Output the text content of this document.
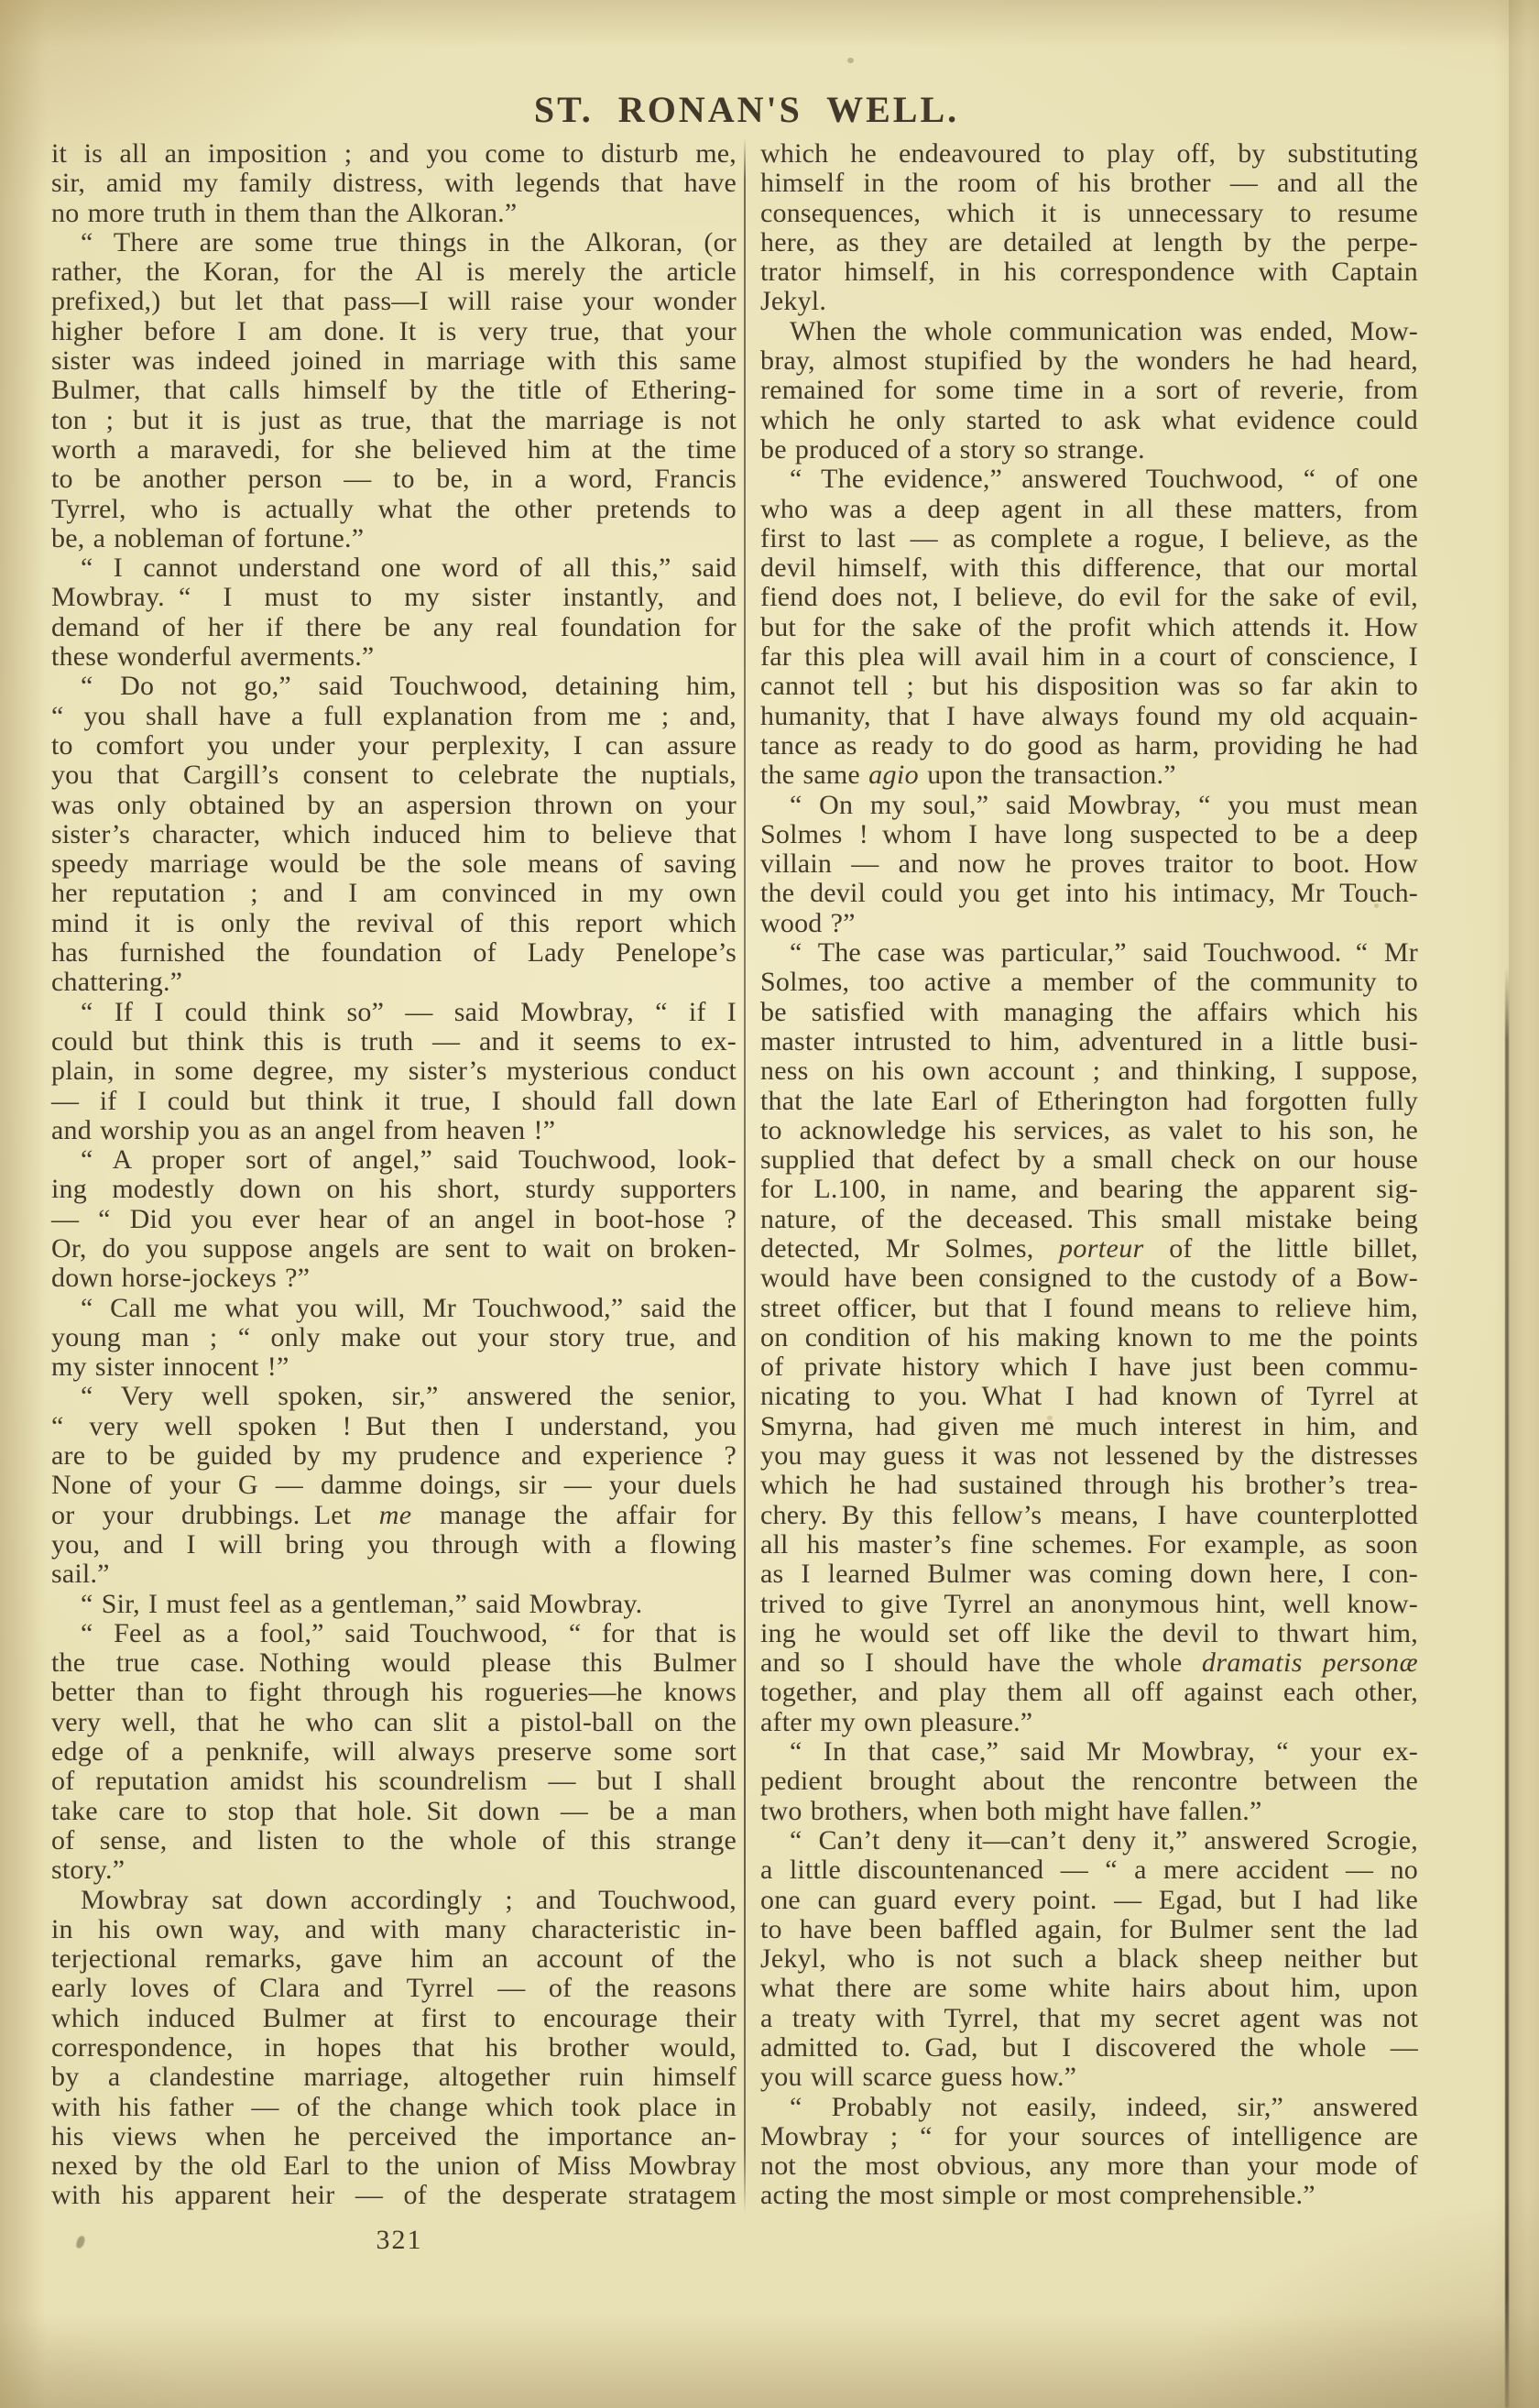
ST. RONAN'S WELL.
it is all an imposition ; and you come to disturb me,
sir, amid my family distress, with legends that have
no more truth in them than the Alkoran.”
“ There are some true things in the Alkoran, (or
rather, the Koran, for the Al is merely the article
prefixed,) but let that pass—I will raise your wonder
higher before I am done. It is very true, that your
sister was indeed joined in marriage with this same
Bulmer, that calls himself by the title of Ethering-
ton ; but it is just as true, that the marriage is not
worth a maravedi, for she believed him at the time
to be another person — to be, in a word, Francis
Tyrrel, who is actually what the other pretends to
be, a nobleman of fortune.”
“ I cannot understand one word of all this,” said
Mowbray. “ I must to my sister instantly, and
demand of her if there be any real foundation for
these wonderful averments.”
“ Do not go,” said Touchwood, detaining him,
“ you shall have a full explanation from me ; and,
to comfort you under your perplexity, I can assure
you that Cargill’s consent to celebrate the nuptials,
was only obtained by an aspersion thrown on your
sister’s character, which induced him to believe that
speedy marriage would be the sole means of saving
her reputation ; and I am convinced in my own
mind it is only the revival of this report which
has furnished the foundation of Lady Penelope’s
chattering.”
“ If I could think so” — said Mowbray, “ if I
could but think this is truth — and it seems to ex-
plain, in some degree, my sister’s mysterious conduct
— if I could but think it true, I should fall down
and worship you as an angel from heaven !”
“ A proper sort of angel,” said Touchwood, look-
ing modestly down on his short, sturdy supporters
— “ Did you ever hear of an angel in boot-hose ?
Or, do you suppose angels are sent to wait on broken-
down horse-jockeys ?”
“ Call me what you will, Mr Touchwood,” said the
young man ; “ only make out your story true, and
my sister innocent !”
“ Very well spoken, sir,” answered the senior,
“ very well spoken ! But then I understand, you
are to be guided by my prudence and experience ?
None of your G — damme doings, sir — your duels
or your drubbings. Let me manage the affair for
you, and I will bring you through with a flowing
sail.”
“ Sir, I must feel as a gentleman,” said Mowbray.
“ Feel as a fool,” said Touchwood, “ for that is
the true case. Nothing would please this Bulmer
better than to fight through his rogueries—he knows
very well, that he who can slit a pistol-ball on the
edge of a penknife, will always preserve some sort
of reputation amidst his scoundrelism — but I shall
take care to stop that hole. Sit down — be a man
of sense, and listen to the whole of this strange
story.”
Mowbray sat down accordingly ; and Touchwood,
in his own way, and with many characteristic in-
terjectional remarks, gave him an account of the
early loves of Clara and Tyrrel — of the reasons
which induced Bulmer at first to encourage their
correspondence, in hopes that his brother would,
by a clandestine marriage, altogether ruin himself
with his father — of the change which took place in
his views when he perceived the importance an-
nexed by the old Earl to the union of Miss Mowbray
with his apparent heir — of the desperate stratagem
which he endeavoured to play off, by substituting
himself in the room of his brother — and all the
consequences, which it is unnecessary to resume
here, as they are detailed at length by the perpe-
trator himself, in his correspondence with Captain
Jekyl.
When the whole communication was ended, Mow-
bray, almost stupified by the wonders he had heard,
remained for some time in a sort of reverie, from
which he only started to ask what evidence could
be produced of a story so strange.
“ The evidence,” answered Touchwood, “ of one
who was a deep agent in all these matters, from
first to last — as complete a rogue, I believe, as the
devil himself, with this difference, that our mortal
fiend does not, I believe, do evil for the sake of evil,
but for the sake of the profit which attends it. How
far this plea will avail him in a court of conscience, I
cannot tell ; but his disposition was so far akin to
humanity, that I have always found my old acquain-
tance as ready to do good as harm, providing he had
the same agio upon the transaction.”
“ On my soul,” said Mowbray, “ you must mean
Solmes ! whom I have long suspected to be a deep
villain — and now he proves traitor to boot. How
the devil could you get into his intimacy, Mr Touch-
wood ?”
“ The case was particular,” said Touchwood. “ Mr
Solmes, too active a member of the community to
be satisfied with managing the affairs which his
master intrusted to him, adventured in a little busi-
ness on his own account ; and thinking, I suppose,
that the late Earl of Etherington had forgotten fully
to acknowledge his services, as valet to his son, he
supplied that defect by a small check on our house
for L.100, in name, and bearing the apparent sig-
nature, of the deceased. This small mistake being
detected, Mr Solmes, porteur of the little billet,
would have been consigned to the custody of a Bow-
street officer, but that I found means to relieve him,
on condition of his making known to me the points
of private history which I have just been commu-
nicating to you. What I had known of Tyrrel at
Smyrna, had given me much interest in him, and
you may guess it was not lessened by the distresses
which he had sustained through his brother’s trea-
chery. By this fellow’s means, I have counterplotted
all his master’s fine schemes. For example, as soon
as I learned Bulmer was coming down here, I con-
trived to give Tyrrel an anonymous hint, well know-
ing he would set off like the devil to thwart him,
and so I should have the whole dramatis personæ
together, and play them all off against each other,
after my own pleasure.”
“ In that case,” said Mr Mowbray, “ your ex-
pedient brought about the rencontre between the
two brothers, when both might have fallen.”
“ Can’t deny it—can’t deny it,” answered Scrogie,
a little discountenanced — “ a mere accident — no
one can guard every point. — Egad, but I had like
to have been baffled again, for Bulmer sent the lad
Jekyl, who is not such a black sheep neither but
what there are some white hairs about him, upon
a treaty with Tyrrel, that my secret agent was not
admitted to. Gad, but I discovered the whole —
you will scarce guess how.”
“ Probably not easily, indeed, sir,” answered
Mowbray ; “ for your sources of intelligence are
not the most obvious, any more than your mode of
acting the most simple or most comprehensible.”
321
